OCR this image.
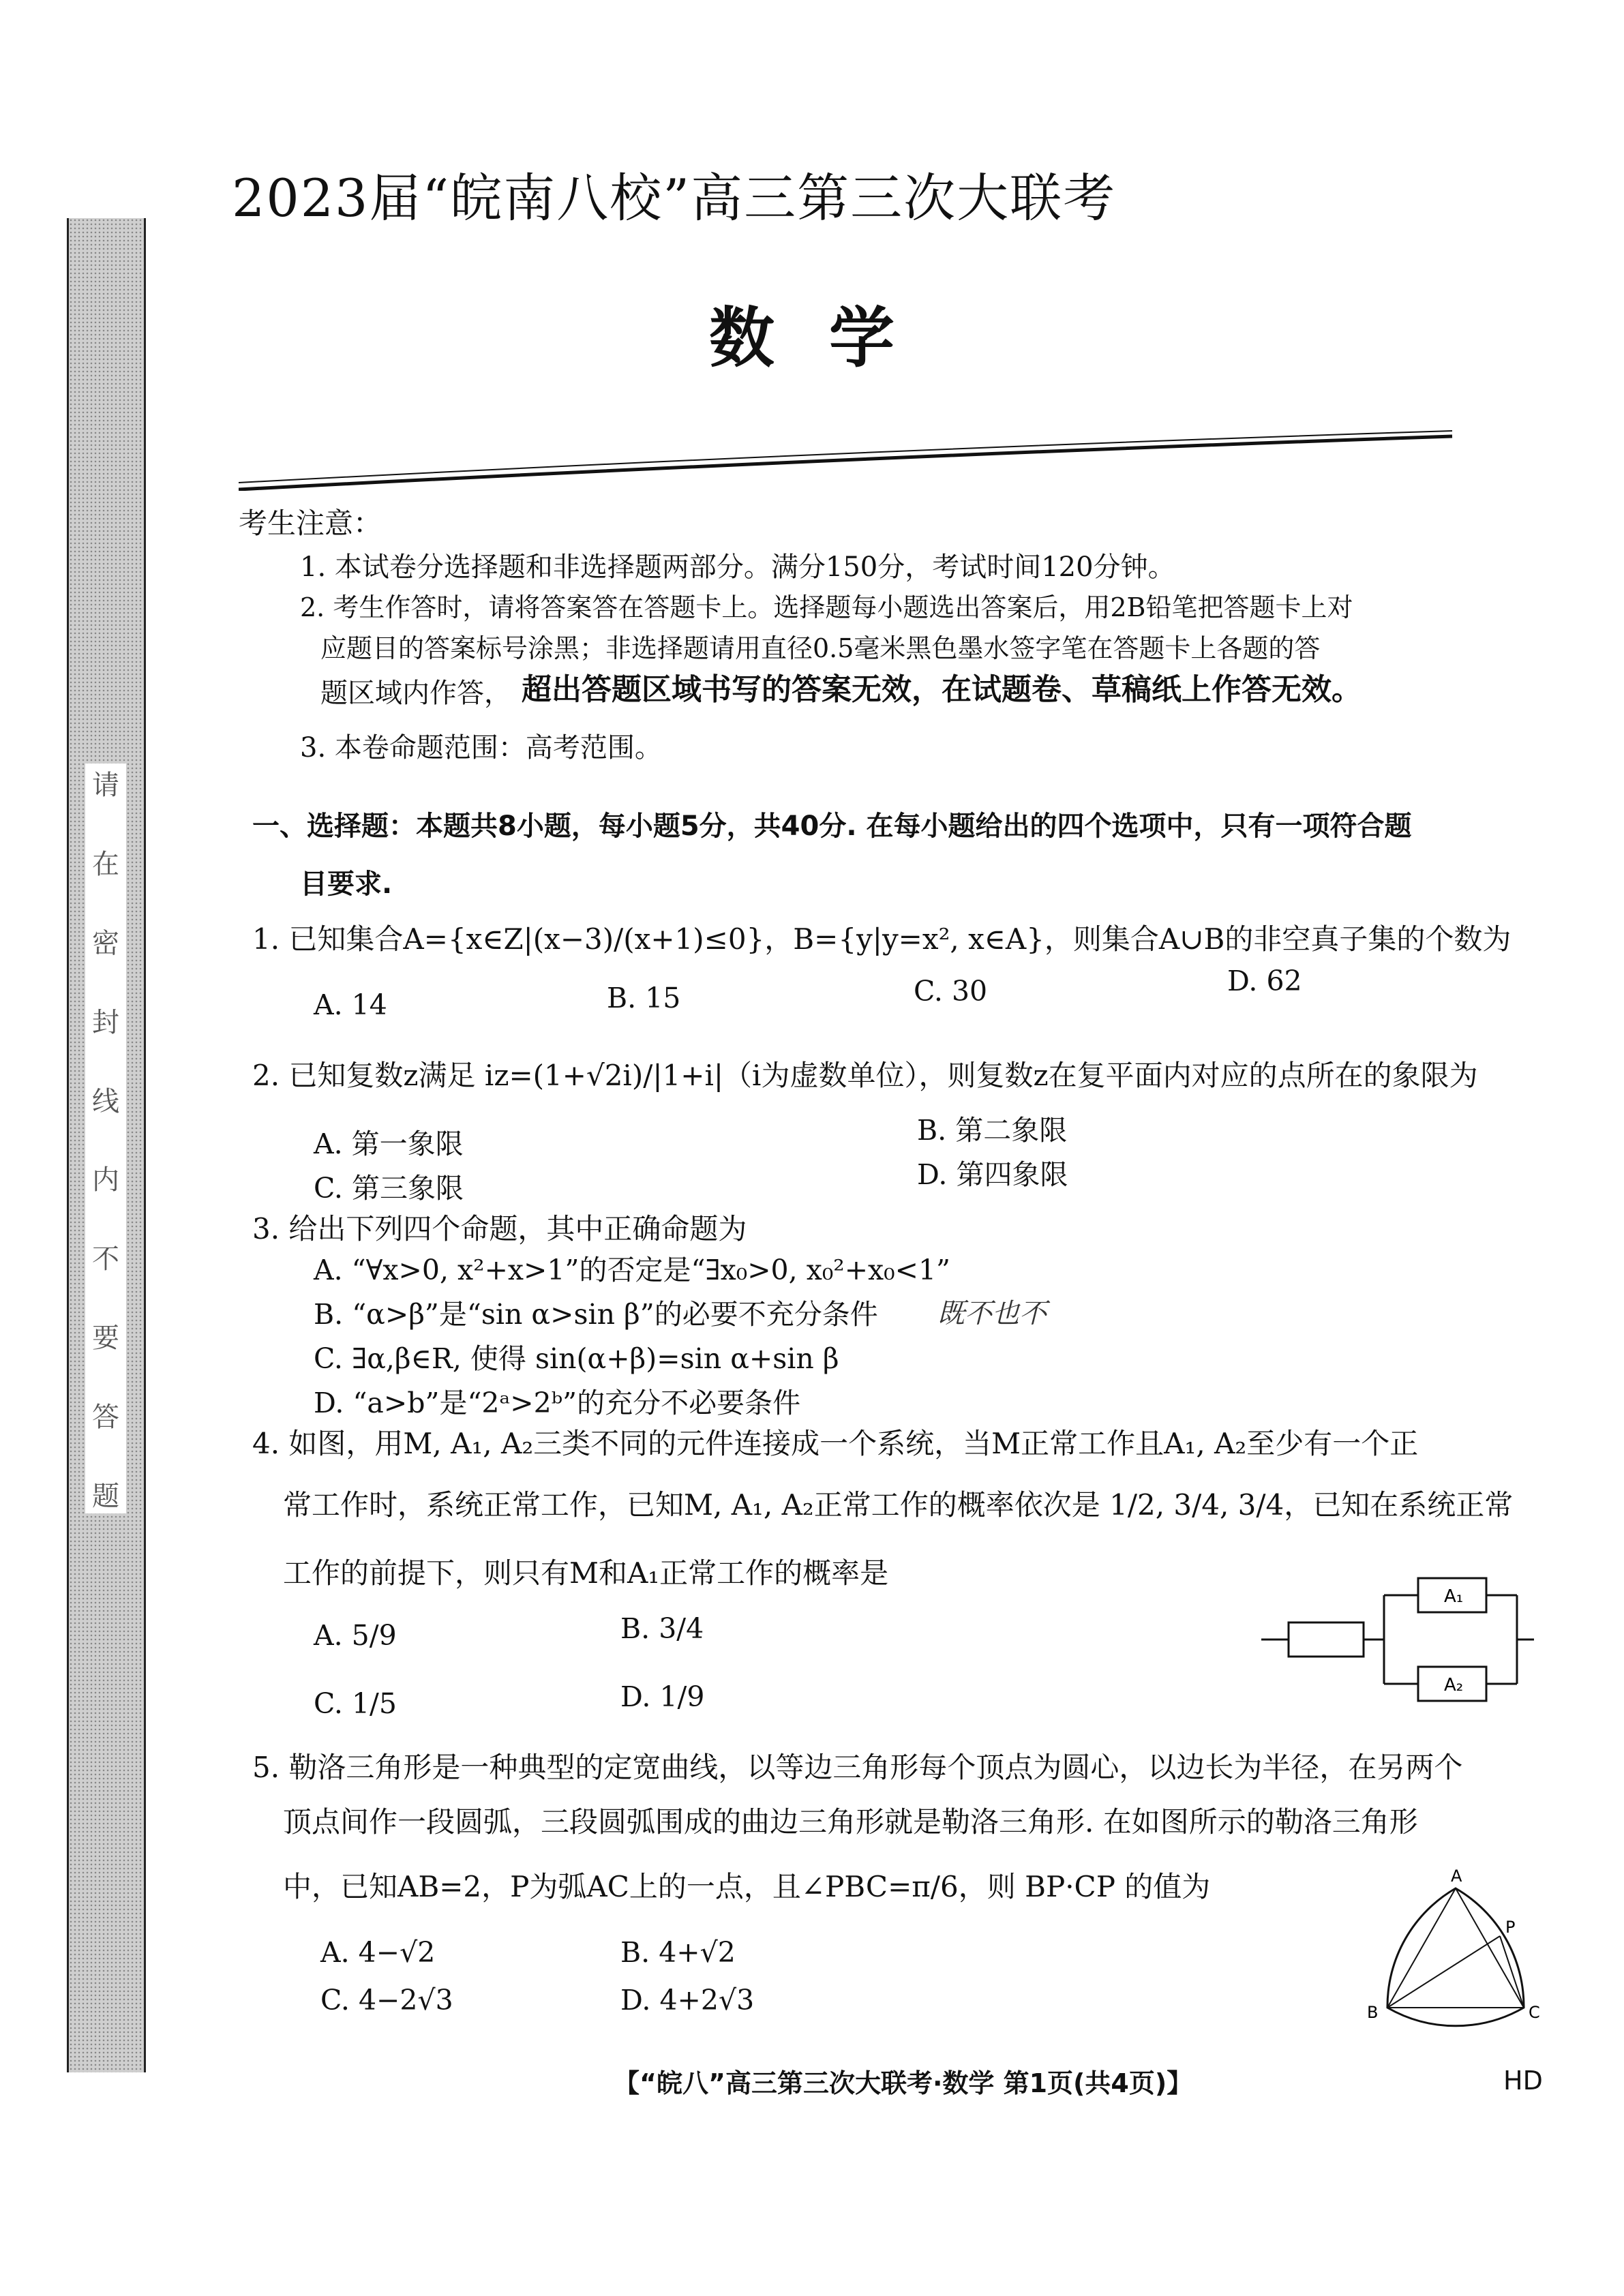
请
在
密
封
线
内
不
要
答
题
2023届“皖南八校”高三第三次大联考
数学
考生注意：
1. 本试卷分选择题和非选择题两部分。满分150分，考试时间120分钟。
2. 考生作答时，请将答案答在答题卡上。选择题每小题选出答案后，用2B铅笔把答题卡上对
应题目的答案标号涂黑；非选择题请用直径0.5毫米黑色墨水签字笔在答题卡上各题的答
题区域内作答， 超出答题区域书写的答案无效，在试题卷、草稿纸上作答无效。
3. 本卷命题范围：高考范围。
一、选择题：本题共8小题，每小题5分，共40分. 在每小题给出的四个选项中，只有一项符合题
目要求.
1. 已知集合A={x∈Z|(x−3)/(x+1)≤0}，B={y|y=x², x∈A}，则集合A∪B的非空真子集的个数为
A. 14	B. 15	C. 30	D. 62
2. 已知复数z满足 iz=(1+√2i)/|1+i|（i为虚数单位），则复数z在复平面内对应的点所在的象限为
A. 第一象限	B. 第二象限
C. 第三象限	D. 第四象限
3. 给出下列四个命题，其中正确命题为
A. “∀x>0, x²+x>1”的否定是“∃x₀>0, x₀²+x₀<1”
B. “α>β”是“sin α>sin β”的必要不充分条件 既不也不
C. ∃α,β∈R, 使得 sin(α+β)=sin α+sin β
D. “a>b”是“2ᵃ>2ᵇ”的充分不必要条件
4. 如图，用M, A₁, A₂三类不同的元件连接成一个系统，当M正常工作且A₁, A₂至少有一个正
常工作时，系统正常工作，已知M, A₁, A₂正常工作的概率依次是 1/2, 3/4, 3/4，已知在系统正常
工作的前提下，则只有M和A₁正常工作的概率是
A. 5/9	B. 3/4
C. 1/5	D. 1/9
A₁
A₂
5. 勒洛三角形是一种典型的定宽曲线，以等边三角形每个顶点为圆心，以边长为半径，在另两个
顶点间作一段圆弧，三段圆弧围成的曲边三角形就是勒洛三角形. 在如图所示的勒洛三角形
中，已知AB=2，P为弧AC上的一点，且∠PBC=π/6，则 BP·CP 的值为
A. 4−√2	B. 4+√2
C. 4−2√3	D. 4+2√3
A
B	C
P
【“皖八”高三第三次大联考·数学 第1页(共4页)】	HD
